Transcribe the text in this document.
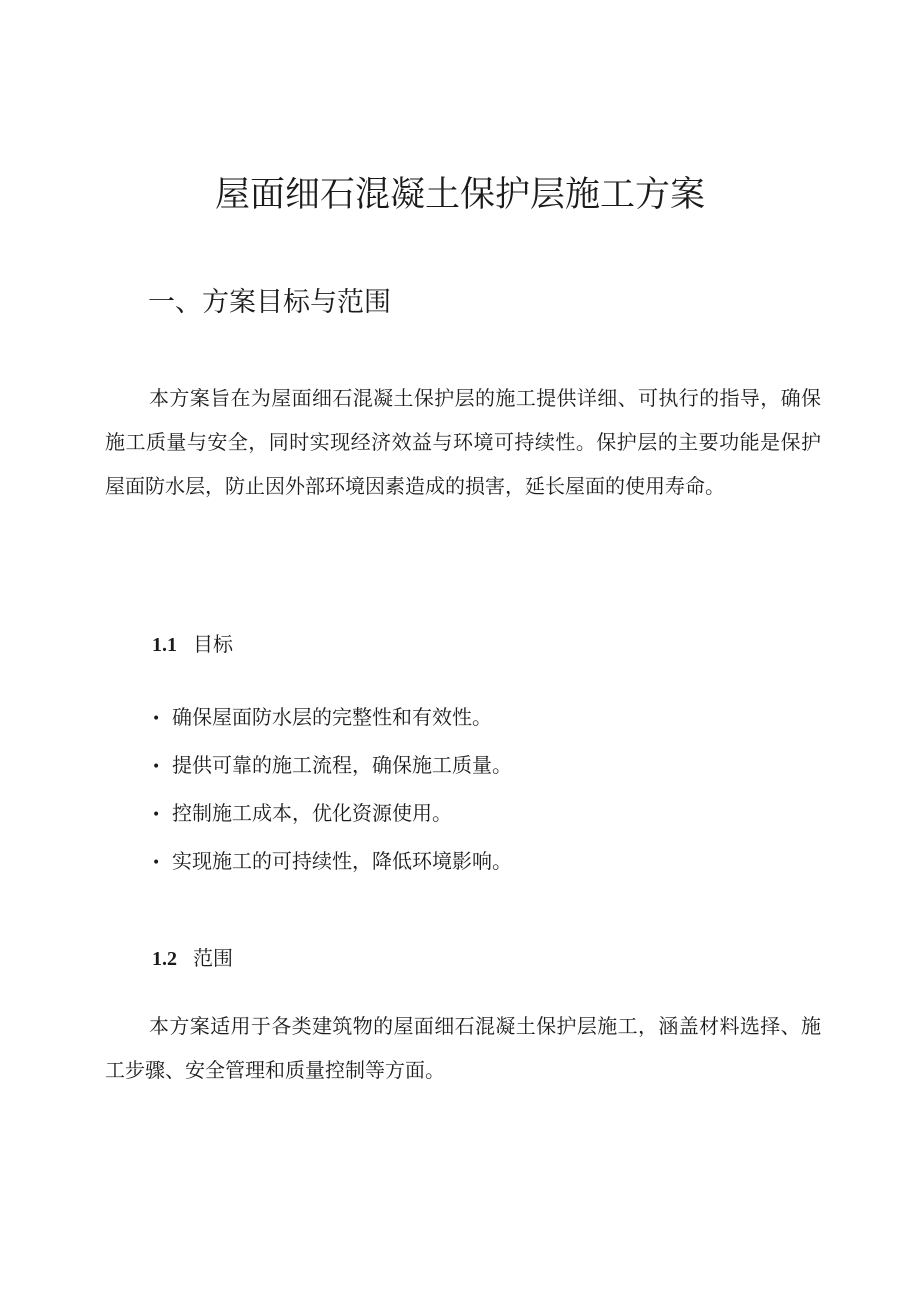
屋面细石混凝土保护层施工方案
一、方案目标与范围

本方案旨在为屋面细石混凝土保护层的施工提供详细、可执行的指导，确保施工质量与安全，同时实现经济效益与环境可持续性。保护层的主要功能是保护屋面防水层，防止因外部环境因素造成的损害，延长屋面的使用寿命。

1.1 目标
• 确保屋面防水层的完整性和有效性。
• 提供可靠的施工流程，确保施工质量。
• 控制施工成本，优化资源使用。
• 实现施工的可持续性，降低环境影响。
1.2 范围

本方案适用于各类建筑物的屋面细石混凝土保护层施工，涵盖材料选择、施工步骤、安全管理和质量控制等方面。
